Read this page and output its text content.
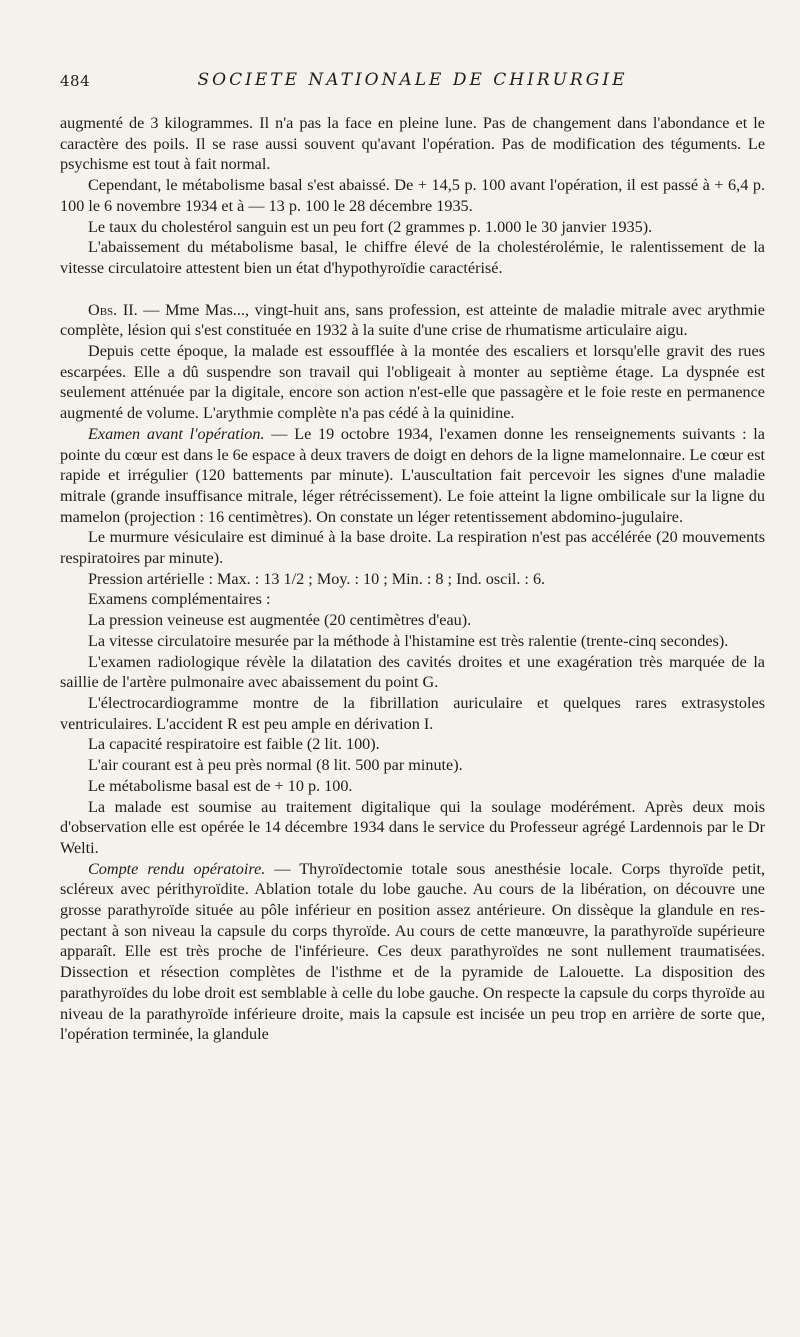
484	SOCIETE NATIONALE DE CHIRURGIE

augmenté de 3 kilogrammes. Il n'a pas la face en pleine lune. Pas de changement dans l'abondance et le caractère des poils. Il se rase aussi souvent qu'avant l'opération. Pas de modification des téguments. Le psychisme est tout à fait normal.

Cependant, le métabolisme basal s'est abaissé. De + 14,5 p. 100 avant l'opération, il est passé à + 6,4 p. 100 le 6 novembre 1934 et à — 13 p. 100 le 28 décembre 1935.

Le taux du cholestérol sanguin est un peu fort (2 grammes p. 1.000 le 30 janvier 1935).

L'abaissement du métabolisme basal, le chiffre élevé de la cholestérolémie, le ralentissement de la vitesse circulatoire attestent bien un état d'hypothyroïdie caractérisé.

Obs. II. — Mme Mas..., vingt-huit ans, sans profession, est atteinte de maladie mitrale avec arythmie complète, lésion qui s'est constituée en 1932 à la suite d'une crise de rhumatisme articulaire aigu.

Depuis cette époque, la malade est essoufflée à la montée des escaliers et lorsqu'elle gravit des rues escarpées. Elle a dû suspendre son travail qui l'obligeait à monter au septième étage. La dyspnée est seulement atténuée par la digitale, encore son action n'est-elle que passagère et le foie reste en permanence augmenté de volume. L'arythmie complète n'a pas cédé à la quinidine.

Examen avant l'opération. — Le 19 octobre 1934, l'examen donne les renseignements suivants : la pointe du cœur est dans le 6e espace à deux travers de doigt en dehors de la ligne mamelonnaire. Le cœur est rapide et irrégulier (120 battements par minute). L'auscultation fait percevoir les signes d'une maladie mitrale (grande insuffisance mitrale, léger rétrécissement). Le foie atteint la ligne ombilicale sur la ligne du mamelon (projection : 16 centimètres). On constate un léger retentissement abdomino-jugulaire.

Le murmure vésiculaire est diminué à la base droite. La respiration n'est pas accélérée (20 mouvements respiratoires par minute).

Pression artérielle : Max. : 13 1/2 ; Moy. : 10 ; Min. : 8 ; Ind. oscil. : 6.

Examens complémentaires :

La pression veineuse est augmentée (20 centimètres d'eau).

La vitesse circulatoire mesurée par la méthode à l'histamine est très ralentie (trente-cinq secondes).

L'examen radiologique révèle la dilatation des cavités droites et une exagération très marquée de la saillie de l'artère pulmonaire avec abaissement du point G.

L'électrocardiogramme montre de la fibrillation auriculaire et quelques rares extrasystoles ventriculaires. L'accident R est peu ample en dérivation I.

La capacité respiratoire est faible (2 lit. 100).

L'air courant est à peu près normal (8 lit. 500 par minute).

Le métabolisme basal est de + 10 p. 100.

La malade est soumise au traitement digitalique qui la soulage modérément. Après deux mois d'observation elle est opérée le 14 décembre 1934 dans le service du Professeur agrégé Lardennois par le Dr Welti.

Compte rendu opératoire. — Thyroïdectomie totale sous anesthésie locale. Corps thyroïde petit, scléreux avec périthyroïdite. Ablation totale du lobe gauche. Au cours de la libération, on découvre une grosse parathyroïde située au pôle inférieur en position assez antérieure. On dissèque la glandule en respectant à son niveau la capsule du corps thyroïde. Au cours de cette manœuvre, la parathyroïde supérieure apparaît. Elle est très proche de l'inférieure. Ces deux parathyroïdes ne sont nullement traumatisées. Dissection et résection complètes de l'isthme et de la pyramide de Lalouette. La disposition des parathyroïdes du lobe droit est semblable à celle du lobe gauche. On respecte la capsule du corps thyroïde au niveau de la parathyroïde inférieure droite, mais la capsule est incisée un peu trop en arrière de sorte que, l'opération terminée, la glandule
